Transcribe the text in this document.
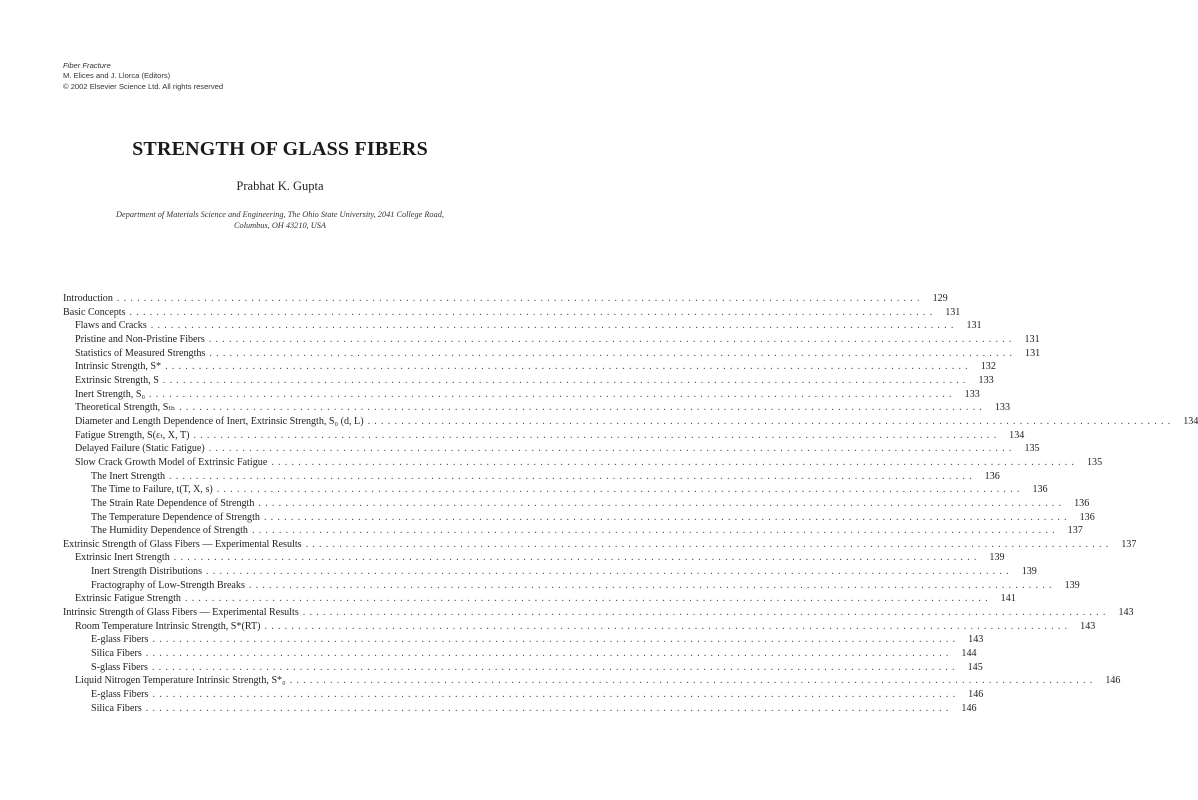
Fiber Fracture
M. Elices and J. Llorca (Editors)
© 2002 Elsevier Science Ltd. All rights reserved
STRENGTH OF GLASS FIBERS
Prabhat K. Gupta
Department of Materials Science and Engineering, The Ohio State University, 2041 College Road,
Columbus, OH 43210, USA
Introduction ........................................................................................................................ 129
Basic Concepts ........................................................................................................................ 131
Flaws and Cracks ........................................................................................................................ 131
Pristine and Non-Pristine Fibers ........................................................................................................................ 131
Statistics of Measured Strengths ........................................................................................................................ 131
Intrinsic Strength, S* ........................................................................................................................ 132
Extrinsic Strength, S ........................................................................................................................ 133
Inert Strength, S₀ ........................................................................................................................ 133
Theoretical Strength, Sₜₕ ........................................................................................................................ 133
Diameter and Length Dependence of Inert, Extrinsic Strength, S₀ (d, L) ........................................................................................................................ 134
Fatigue Strength, S(εₜ, X, T) ........................................................................................................................ 134
Delayed Failure (Static Fatigue) ........................................................................................................................ 135
Slow Crack Growth Model of Extrinsic Fatigue ........................................................................................................................ 135
The Inert Strength ........................................................................................................................ 136
The Time to Failure, t(T, X, s) ........................................................................................................................ 136
The Strain Rate Dependence of Strength ........................................................................................................................ 136
The Temperature Dependence of Strength ........................................................................................................................ 136
The Humidity Dependence of Strength ........................................................................................................................ 137
Extrinsic Strength of Glass Fibers — Experimental Results ........................................................................................................................ 137
Extrinsic Inert Strength ........................................................................................................................ 139
Inert Strength Distributions ........................................................................................................................ 139
Fractography of Low-Strength Breaks ........................................................................................................................ 139
Extrinsic Fatigue Strength ........................................................................................................................ 141
Intrinsic Strength of Glass Fibers — Experimental Results ........................................................................................................................ 143
Room Temperature Intrinsic Strength, S*(RT) ........................................................................................................................ 143
E-glass Fibers ........................................................................................................................ 143
Silica Fibers ........................................................................................................................ 144
S-glass Fibers ........................................................................................................................ 145
Liquid Nitrogen Temperature Intrinsic Strength, S*₀ ........................................................................................................................ 146
E-glass Fibers ........................................................................................................................ 146
Silica Fibers ........................................................................................................................ 146
